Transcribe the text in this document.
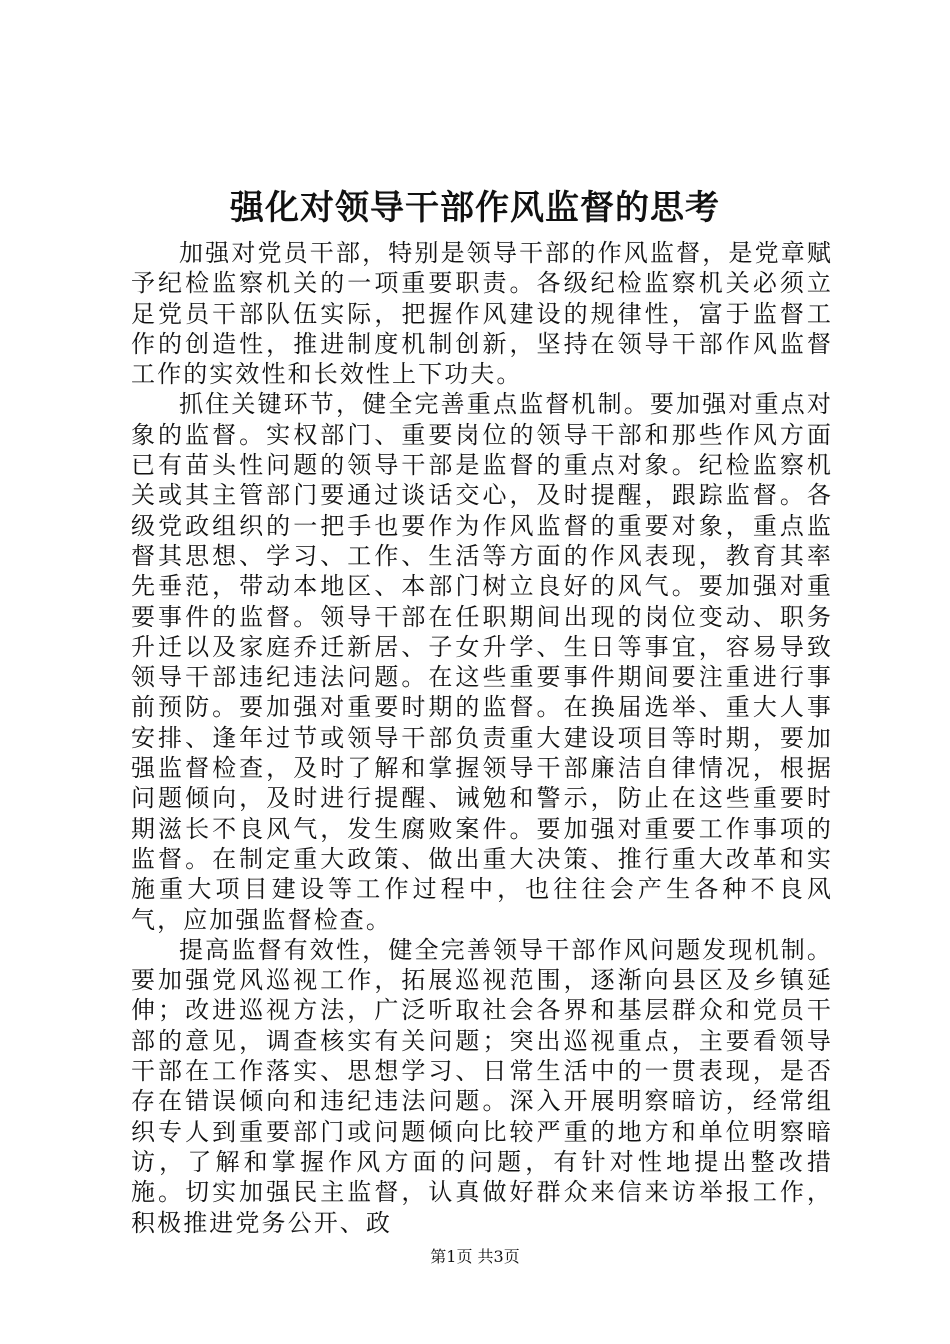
强化对领导干部作风监督的思考

加强对党员干部，特别是领导干部的作风监督，是党章赋予纪检监察机关的一项重要职责。各级纪检监察机关必须立足党员干部队伍实际，把握作风建设的规律性，富于监督工作的创造性，推进制度机制创新，坚持在领导干部作风监督工作的实效性和长效性上下功夫。

抓住关键环节，健全完善重点监督机制。要加强对重点对象的监督。实权部门、重要岗位的领导干部和那些作风方面已有苗头性问题的领导干部是监督的重点对象。纪检监察机关或其主管部门要通过谈话交心，及时提醒，跟踪监督。各级党政组织的一把手也要作为作风监督的重要对象，重点监督其思想、学习、工作、生活等方面的作风表现，教育其率先垂范，带动本地区、本部门树立良好的风气。要加强对重要事件的监督。领导干部在任职期间出现的岗位变动、职务升迁以及家庭乔迁新居、子女升学、生日等事宜，容易导致领导干部违纪违法问题。在这些重要事件期间要注重进行事前预防。要加强对重要时期的监督。在换届选举、重大人事安排、逢年过节或领导干部负责重大建设项目等时期，要加强监督检查，及时了解和掌握领导干部廉洁自律情况，根据问题倾向，及时进行提醒、诫勉和警示，防止在这些重要时期滋长不良风气，发生腐败案件。要加强对重要工作事项的监督。在制定重大政策、做出重大决策、推行重大改革和实施重大项目建设等工作过程中，也往往会产生各种不良风气，应加强监督检查。

提高监督有效性，健全完善领导干部作风问题发现机制。要加强党风巡视工作，拓展巡视范围，逐渐向县区及乡镇延伸；改进巡视方法，广泛听取社会各界和基层群众和党员干部的意见，调查核实有关问题；突出巡视重点，主要看领导干部在工作落实、思想学习、日常生活中的一贯表现，是否存在错误倾向和违纪违法问题。深入开展明察暗访，经常组织专人到重要部门或问题倾向比较严重的地方和单位明察暗访，了解和掌握作风方面的问题，有针对性地提出整改措施。切实加强民主监督，认真做好群众来信来访举报工作，积极推进党务公开、政

第1页 共3页
